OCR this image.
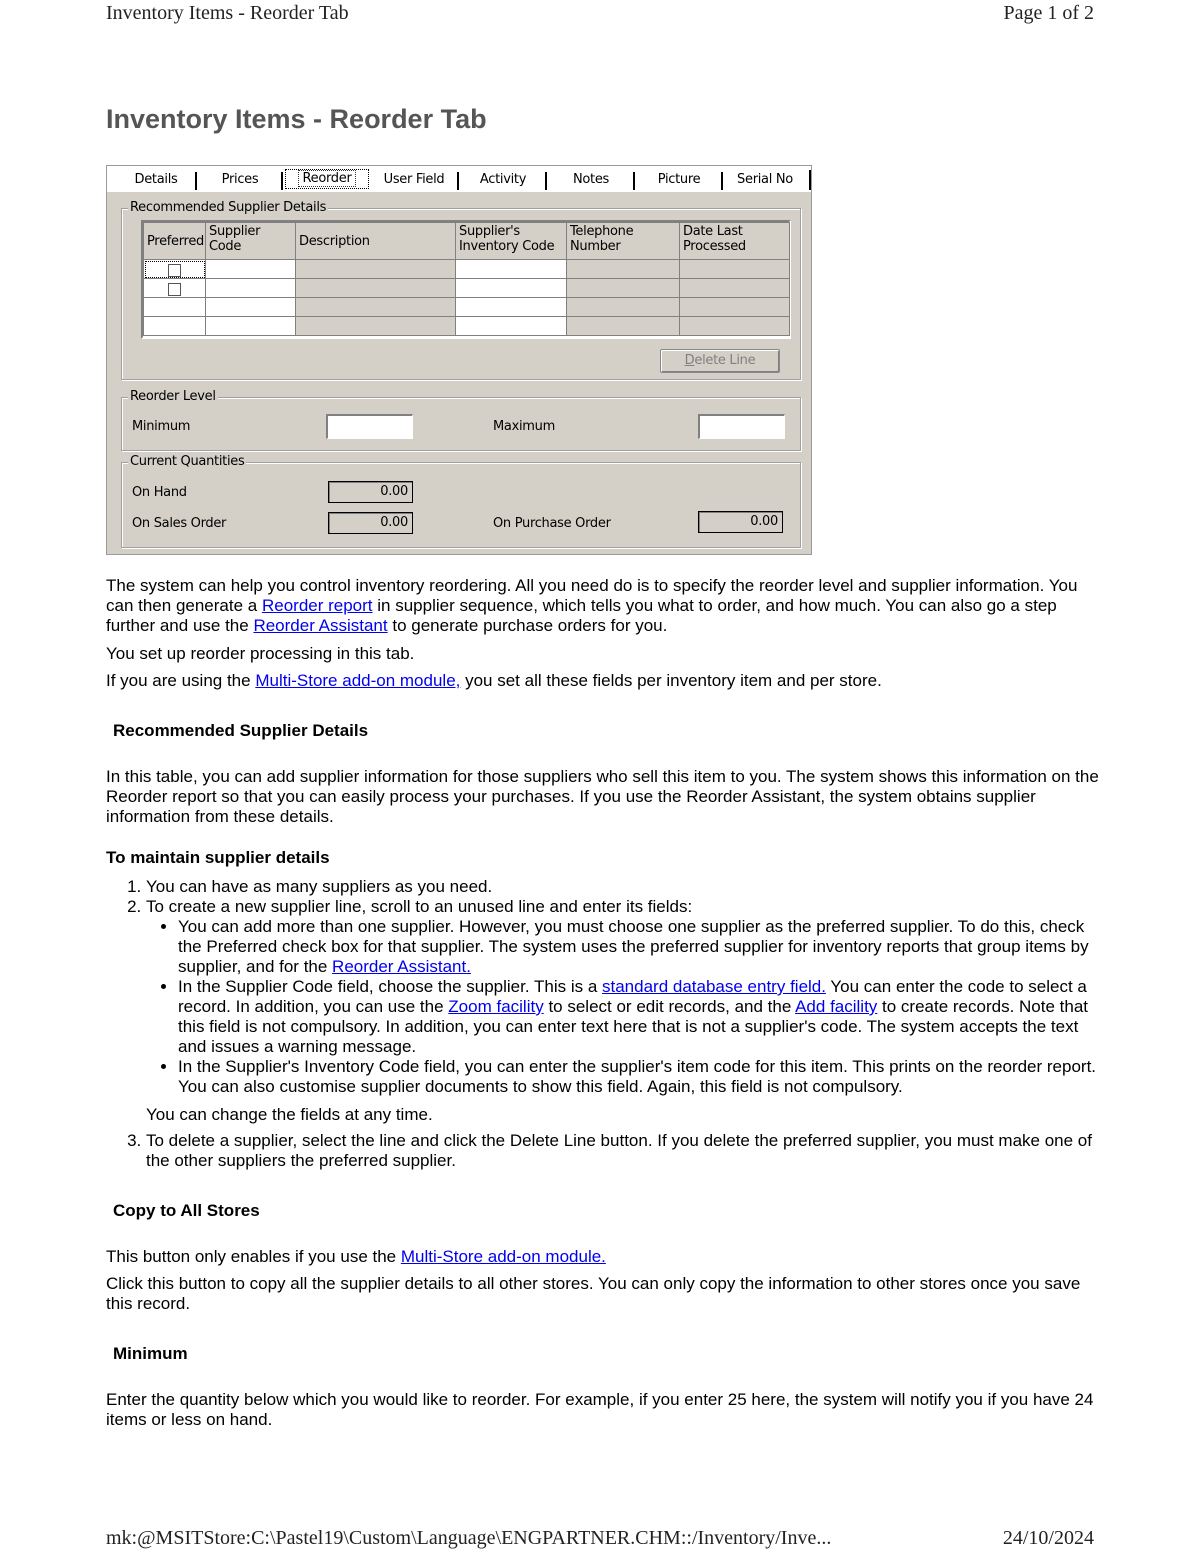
Inventory Items - Reorder Tab	Page 1 of 2
Inventory Items - Reorder Tab
Details	Prices	Reorder	User Field	Activity	Notes	Picture	Serial No
Recommended Supplier Details
Preferred	Supplier Code	Description	Supplier's Inventory Code	Telephone Number	Date Last Processed

Delete Line
Reorder Level
Minimum	Maximum
Current Quantities
On Hand	0.00
On Sales Order	0.00	On Purchase Order	0.00

The system can help you control inventory reordering. All you need do is to specify the reorder level and supplier information. You can then generate a Reorder report in supplier sequence, which tells you what to order, and how much. You can also go a step further and use the Reorder Assistant to generate purchase orders for you.

You set up reorder processing in this tab.

If you are using the Multi-Store add-on module, you set all these fields per inventory item and per store.

Recommended Supplier Details

In this table, you can add supplier information for those suppliers who sell this item to you. The system shows this information on the Reorder report so that you can easily process your purchases. If you use the Reorder Assistant, the system obtains supplier information from these details.

To maintain supplier details
1. You can have as many suppliers as you need.
2. To create a new supplier line, scroll to an unused line and enter its fields:
• You can add more than one supplier. However, you must choose one supplier as the preferred supplier. To do this, check the Preferred check box for that supplier. The system uses the preferred supplier for inventory reports that group items by supplier, and for the Reorder Assistant.
• In the Supplier Code field, choose the supplier. This is a standard database entry field. You can enter the code to select a record. In addition, you can use the Zoom facility to select or edit records, and the Add facility to create records. Note that this field is not compulsory. In addition, you can enter text here that is not a supplier's code. The system accepts the text and issues a warning message.
• In the Supplier's Inventory Code field, you can enter the supplier's item code for this item. This prints on the reorder report. You can also customise supplier documents to show this field. Again, this field is not compulsory.

You can change the fields at any time.

3. To delete a supplier, select the line and click the Delete Line button. If you delete the preferred supplier, you must make one of the other suppliers the preferred supplier.
Copy to All Stores

This button only enables if you use the Multi-Store add-on module.

Click this button to copy all the supplier details to all other stores. You can only copy the information to other stores once you save this record.

Minimum

Enter the quantity below which you would like to reorder. For example, if you enter 25 here, the system will notify you if you have 24 items or less on hand.

mk:@MSITStore:C:\Pastel19\Custom\Language\ENGPARTNER.CHM::/Inventory/Inve...	24/10/2024
